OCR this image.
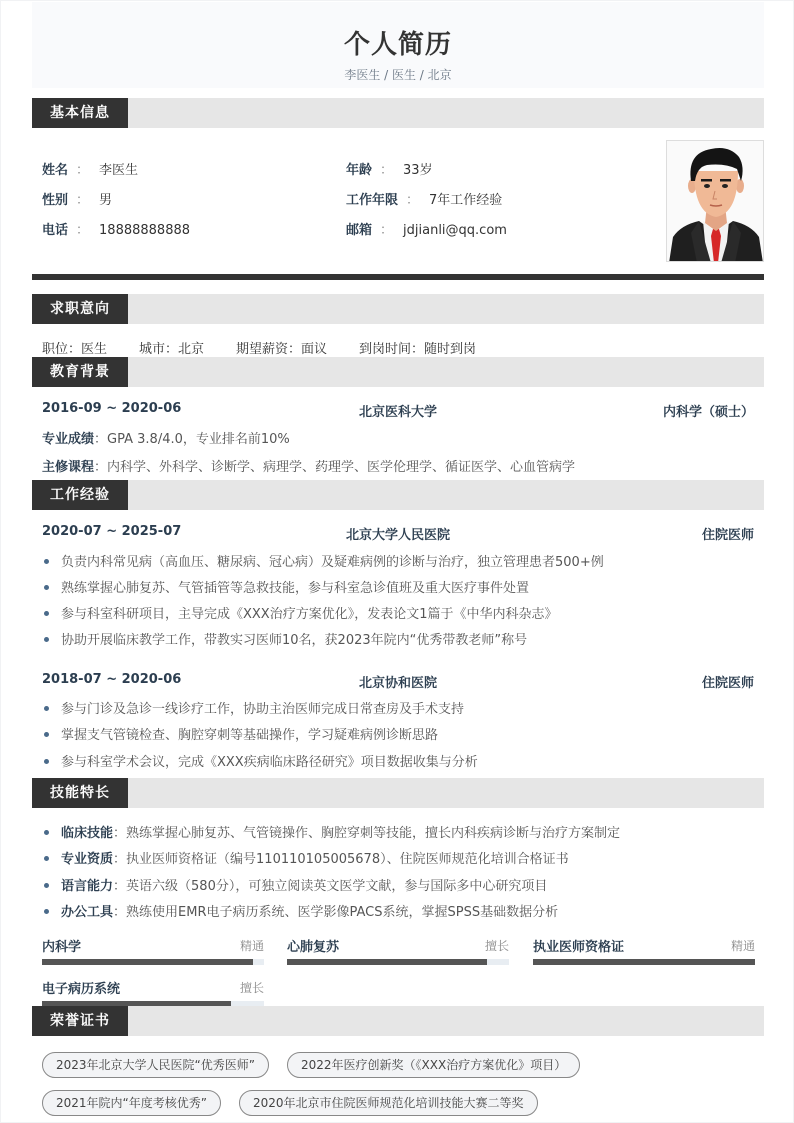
个人简历
李医生 / 医生 / 北京
基本信息
姓名 ： 李医生
性别 ： 男
电话 ： 18888888888
年龄 ： 33岁
工作年限 ： 7年工作经验
邮箱 ： jdjianli@qq.com
求职意向
职位：医生 城市：北京 期望薪资：面议 到岗时间：随时到岗
教育背景
2016-09 ~ 2020-06	北京医科大学	内科学（硕士）
专业成绩：GPA 3.8/4.0，专业排名前10%
主修课程：内科学、外科学、诊断学、病理学、药理学、医学伦理学、循证医学、心血管病学
工作经验
2020-07 ~ 2025-07	北京大学人民医院	住院医师
负责内科常见病（高血压、糖尿病、冠心病）及疑难病例的诊断与治疗，独立管理患者500+例
熟练掌握心肺复苏、气管插管等急救技能，参与科室急诊值班及重大医疗事件处置
参与科室科研项目，主导完成《XXX治疗方案优化》，发表论文1篇于《中华内科杂志》
协助开展临床教学工作，带教实习医师10名，获2023年院内“优秀带教老师”称号
2018-07 ~ 2020-06	北京协和医院	住院医师
参与门诊及急诊一线诊疗工作，协助主治医师完成日常查房及手术支持
掌握支气管镜检查、胸腔穿刺等基础操作，学习疑难病例诊断思路
参与科室学术会议，完成《XXX疾病临床路径研究》项目数据收集与分析
技能特长
临床技能：熟练掌握心肺复苏、气管镜操作、胸腔穿刺等技能，擅长内科疾病诊断与治疗方案制定
专业资质：执业医师资格证（编号110110105005678）、住院医师规范化培训合格证书
语言能力：英语六级（580分），可独立阅读英文医学文献，参与国际多中心研究项目
办公工具：熟练使用EMR电子病历系统、医学影像PACS系统，掌握SPSS基础数据分析
内科学	精通 心肺复苏	擅长 执业医师资格证	精通
电子病历系统	擅长
荣誉证书
2023年北京大学人民医院“优秀医师”	2022年医疗创新奖（《XXX治疗方案优化》项目）
2021年院内“年度考核优秀”	2020年北京市住院医师规范化培训技能大赛二等奖
